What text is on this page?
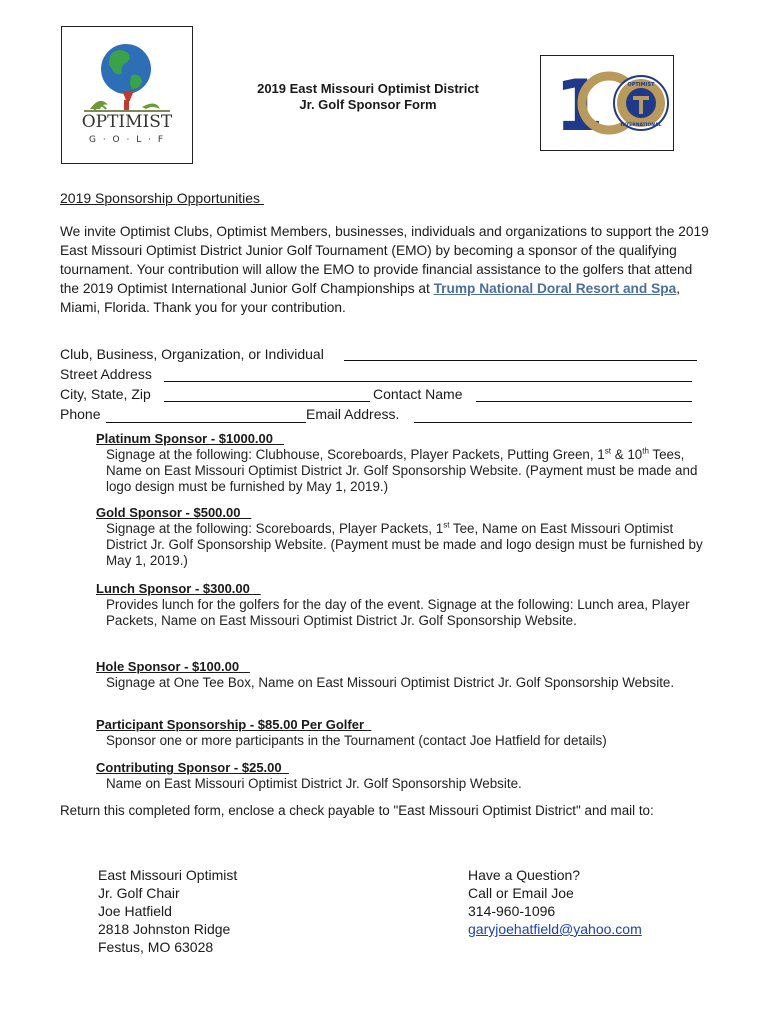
OPTIMIST
G · O · L · F
2019 East Missouri Optimist District
Jr. Golf Sponsor Form	1	OPTIMIST
INTERNATIONAL
2019 Sponsorship Opportunities
We invite Optimist Clubs, Optimist Members, businesses, individuals and organizations to support the 2019 East Missouri Optimist District Junior Golf Tournament (EMO) by becoming a sponsor of the qualifying tournament. Your contribution will allow the EMO to provide financial assistance to the golfers that attend the 2019 Optimist International Junior Golf Championships at Trump National Doral Resort and Spa, Miami, Florida. Thank you for your contribution.
Club, Business, Organization, or Individual
Street Address
City, State, Zip	Contact Name
Phone	Email Address.
Platinum Sponsor - $1000.00
Signage at the following: Clubhouse, Scoreboards, Player Packets, Putting Green, 1st & 10th Tees, Name on East Missouri Optimist District Jr. Golf Sponsorship Website. (Payment must be made and logo design must be furnished by May 1, 2019.)
Gold Sponsor - $500.00
Signage at the following: Scoreboards, Player Packets, 1st Tee, Name on East Missouri Optimist District Jr. Golf Sponsorship Website. (Payment must be made and logo design must be furnished by May 1, 2019.)
Lunch Sponsor - $300.00
Provides lunch for the golfers for the day of the event. Signage at the following: Lunch area, Player Packets, Name on East Missouri Optimist District Jr. Golf Sponsorship Website.
Hole Sponsor - $100.00
Signage at One Tee Box, Name on East Missouri Optimist District Jr. Golf Sponsorship Website.
Participant Sponsorship - $85.00 Per Golfer
Sponsor one or more participants in the Tournament (contact Joe Hatfield for details)
Contributing Sponsor - $25.00
Name on East Missouri Optimist District Jr. Golf Sponsorship Website.
Return this completed form, enclose a check payable to "East Missouri Optimist District" and mail to:
East Missouri Optimist
Jr. Golf Chair
Joe Hatfield
2818 Johnston Ridge
Festus, MO 63028
Have a Question?
Call or Email Joe
314-960-1096
garyjoehatfield@yahoo.com
